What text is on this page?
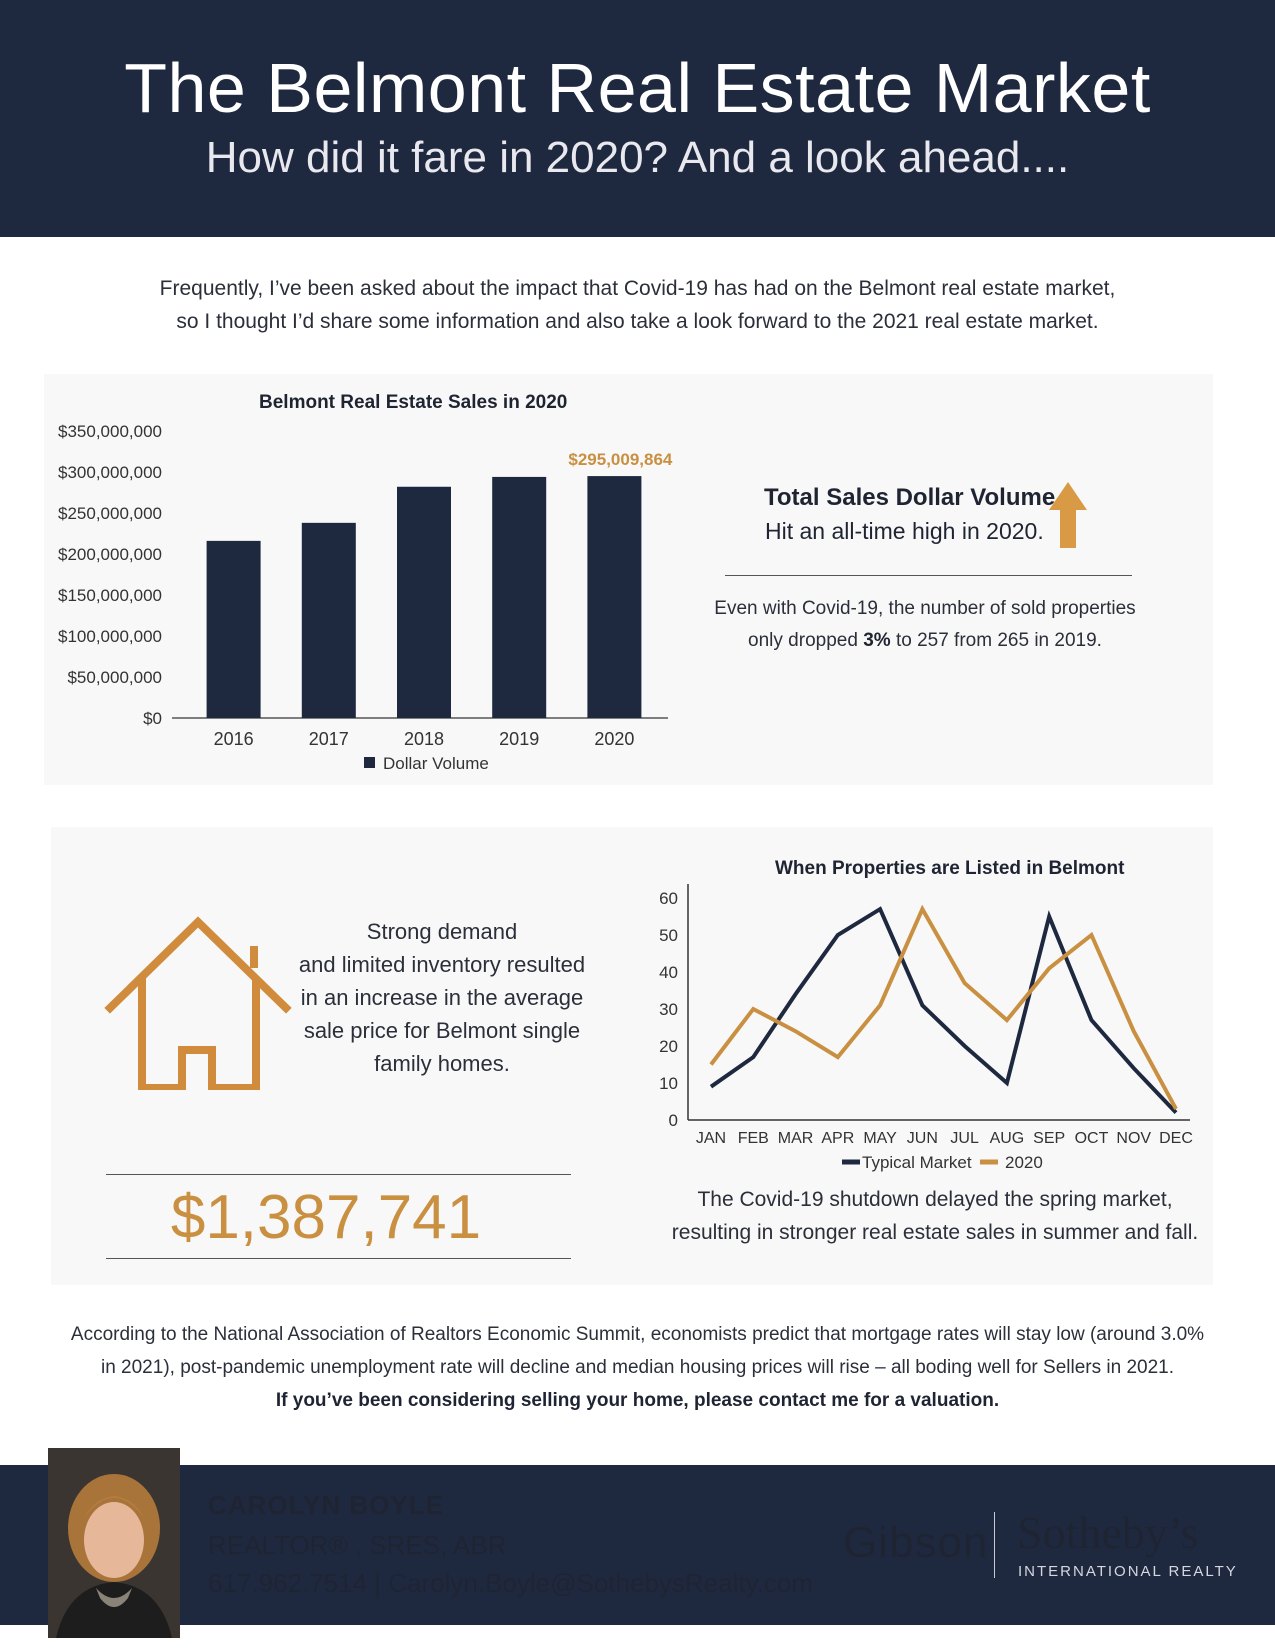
The Belmont Real Estate Market
How did it fare in 2020? And a look ahead....
Frequently, I’ve been asked about the impact that Covid-19 has had on the Belmont real estate market,
so I thought I’d share some information and also take a look forward to the 2021 real estate market.
Belmont Real Estate Sales in 2020
$0
$50,000,000
$100,000,000
$150,000,000
$200,000,000
$250,000,000
$300,000,000
$350,000,000
2016	2017	2018	2019	2020
$295,009,864
Dollar Volume
Total Sales Dollar Volume
Hit an all-time high in 2020.
Even with Covid-19, the number of sold properties
only dropped 3% to 257 from 265 in 2019.
Strong demand
and limited inventory resulted
in an increase in the average
sale price for Belmont single
family homes.
$1,387,741
When Properties are Listed in Belmont
0
10
20
30
40
50
60
JAN FEB MAR APR MAY JUN JUL AUG SEP OCT NOV DEC
Typical Market 2020
The Covid-19 shutdown delayed the spring market,
resulting in stronger real estate sales in summer and fall.
According to the National Association of Realtors Economic Summit, economists predict that mortgage rates will stay low (around 3.0%
in 2021), post-pandemic unemployment rate will decline and median housing prices will rise – all boding well for Sellers in 2021.
If you’ve been considering selling your home, please contact me for a valuation.
CAROLYN BOYLE
REALTOR® , SRES, ABR
617.962.7514 | Carolyn.Boyle@SothebysRealty.com
Gibson Sotheby’s
INTERNATIONAL REALTY
